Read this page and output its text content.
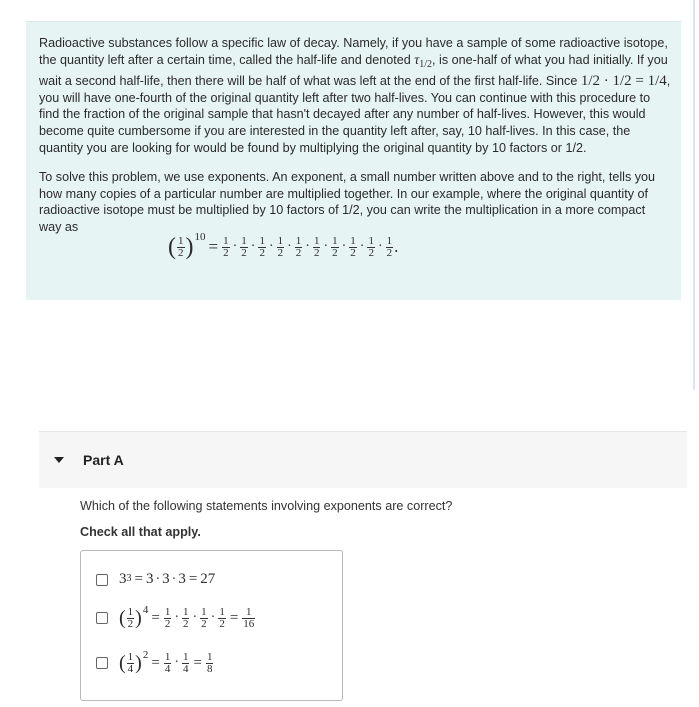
Radioactive substances follow a specific law of decay. Namely, if you have a sample of some radioactive isotope, the quantity left after a certain time, called the half-life and denoted $\tau_{1/2}$, is one-half of what you had initially. If you wait a second half-life, then there will be half of what was left at the end of the first half-life. Since 1/2 · 1/2 = 1/4, you will have one-fourth of the original quantity left after two half-lives. You can continue with this procedure to find the fraction of the original sample that hasn't decayed after any number of half-lives. However, this would become quite cumbersome if you are interested in the quantity left after, say, 10 half-lives. In this case, the quantity you are looking for would be found by multiplying the original quantity by 10 factors or 1/2.

To solve this problem, we use exponents. An exponent, a small number written above and to the right, tells you how many copies of a particular number are multiplied together. In our example, where the original quantity of radioactive isotope must be multiplied by 10 factors of 1/2, you can write the multiplication in a more compact way as

( $\frac{1}{2}$ ) $10 = \frac{1}{2} \cdot \frac{1}{2} \cdot \frac{1}{2} \cdot \frac{1}{2} \cdot \frac{1}{2} \cdot \frac{1}{2} \cdot \frac{1}{2} \cdot \frac{1}{2} \cdot \frac{1}{2} \cdot \frac{1}{2}$ .
Part A
Which of the following statements involving exponents are correct?
Check all that apply.
$3^3 = 3 \cdot 3 \cdot 3 = 27$
( $\frac{1}{2}$ ) $4 = \frac{1}{2} \cdot \frac{1}{2} \cdot \frac{1}{2} \cdot \frac{1}{2} = \frac{1}{16}$
( $\frac{1}{4}$ ) $2 = \frac{1}{4} \cdot \frac{1}{4} = \frac{1}{8}$
